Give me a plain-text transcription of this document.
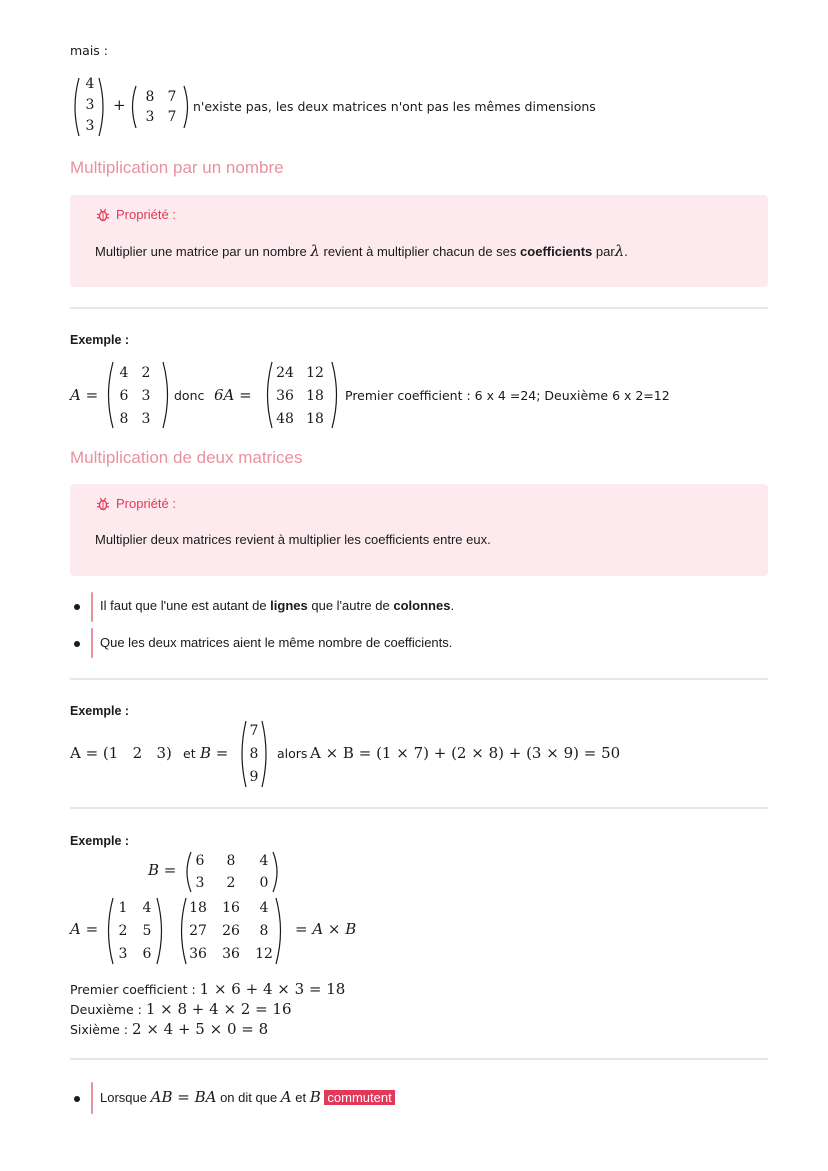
mais :
4
3
3
+	8 7
3 7
n'existe pas, les deux matrices n'ont pas les mêmes dimensions
Multiplication par un nombre
Propriété :
Multiplier une matrice par un nombre λ revient à multiplier chacun de ses coefficients parλ.
Exemple :
A =
4 2
6 3
8 3
donc 6A =
24 12
36 18
48 18
Premier coefficient : 6 x 4 =24; Deuxième 6 x 2=12
Multiplication de deux matrices
Propriété :
Multiplier deux matrices revient à multiplier les coefficients entre eux.
Il faut que l'une est autant de lignes que l'autre de colonnes.
Que les deux matrices aient le même nombre de coefficients.
Exemple :
A = (1   2   3) et B =
7
8
9
alors A × B = (1 × 7) + (2 × 8) + (3 × 9) = 50
Exemple :
B =	6	8	4
3	2	0
A =
1	4
2	5
3	6
18	16	4
27	26	8
36	36	12
= A × B
Premier coefficient : 1 × 6 + 4 × 3 = 18
Deuxième : 1 × 8 + 4 × 2 = 16
Sixième : 2 × 4 + 5 × 0 = 8
Lorsque AB = BA on dit que A et B commutent
